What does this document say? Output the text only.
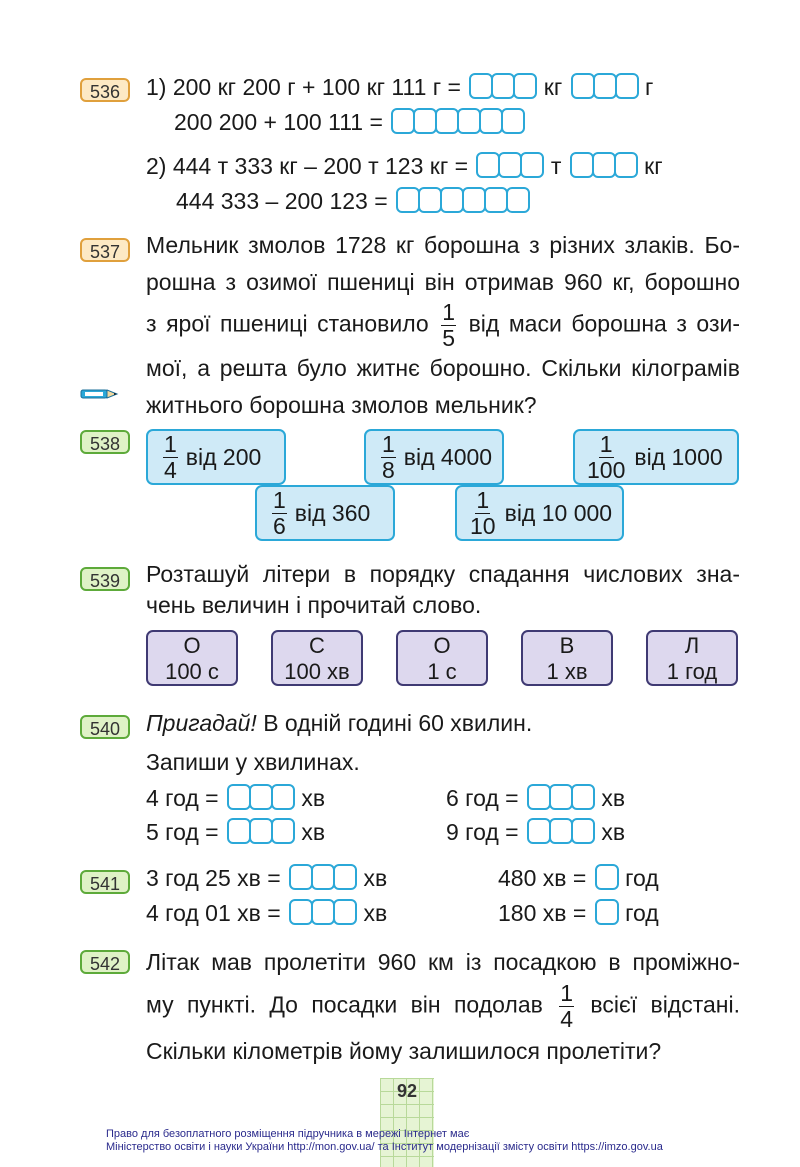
536	1) 200 кг 200 г + 100 кг 111 г =	кг	г
200 200 + 100 111 =
2) 444 т 333 кг – 200 т 123 кг =	т	кг
444 333 – 200 123 =
537	Мельник змолов 1728 кг борошна з різних злаків. Бо-
рошна з озимої пшениці він отримав 960 кг, борошно
з ярої пшениці становило $\frac{1}{5}$ від маси борошна з ози-
мої, а решта було житнє борошно. Скільки кілограмів
житнього борошна змолов мельник?
538	$\frac{1}{4}$ від 200	$\frac{1}{8}$ від 4000	$\frac{1}{100}$ від 1000
$\frac{1}{6}$ від 360	$\frac{1}{10}$ від 10 000
539	Розташуй літери в порядку спадання числових зна-
чень величин і прочитай слово.
О
100 с
С
100 хв
О
1 с
В
1 хв
Л
1 год
540	Пригадай! В одній годині 60 хвилин.
Запиши у хвилинах.
4 год =	хв	6 год =	хв
5 год =	хв	9 год =	хв
541	3 год 25 хв =	хв	480 хв = год
4 год 01 хв =	хв	180 хв = год
542	Літак мав пролетіти 960 км із посадкою в проміжно-
му пункті. До посадки він подолав $\frac{1}{4}$ всієї відстані.
Скільки кілометрів йому залишилося пролетіти?
92
Право для безоплатного розміщення підручника в мережі Інтернет має
Міністерство освіти і науки України http://mon.gov.ua/ та Інститут модернізації змісту освіти https://imzo.gov.ua
